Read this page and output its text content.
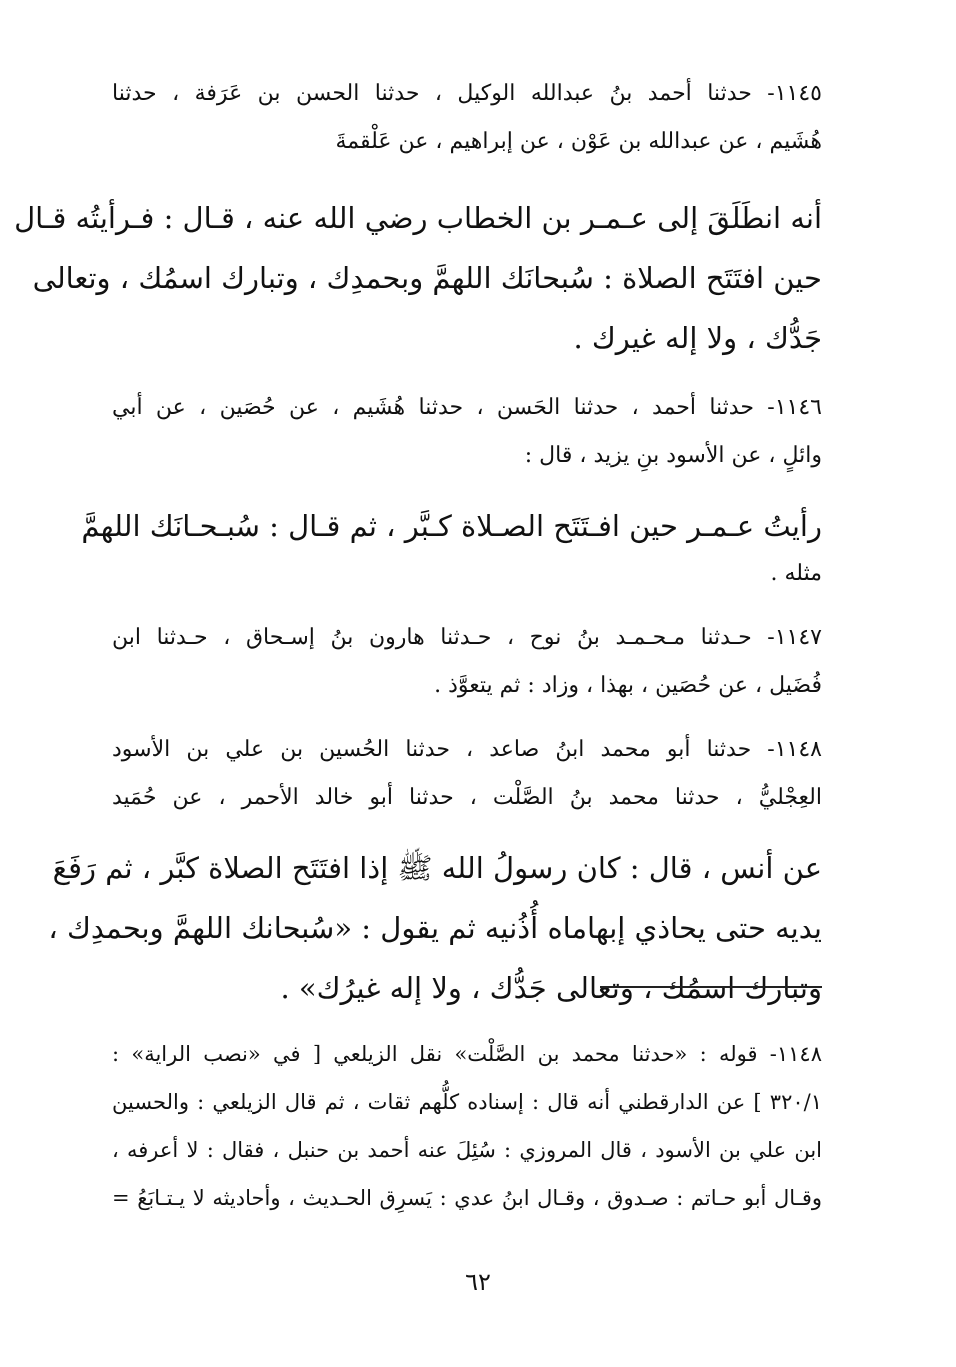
١١٤٥- حدثنا أحمد بنُ عبدالله الوكيل ، حدثنا الحسن بن عَرَفة ، حدثنا
هُشَيم ، عن عبدالله بن عَوْن ، عن إبراهيم ، عن عَلْقمةَ
أنه انطَلَقَ إلى عـمـر بن الخطاب رضي الله عنه ، قـال : فـرأيتُه قـال
حين افتَتَح الصلاة : سُبحانَك اللهمَّ وبحمدِك ، وتبارك اسمُك ، وتعالى
جَدُّك ، ولا إله غيرك .
١١٤٦- حدثنا أحمد ، حدثنا الحَسن ، حدثنا هُشَيم ، عن حُصَين ، عن أبي
وائلٍ ، عن الأسود بنِ يزيد ، قال :
رأيتُ عـمـر حين افـتَتَح الصـلاة كـبَّر ، ثم قـال : سُبـحـانَك اللهمَّ
مثله .
١١٤٧- حـدثنا مـحـمـد بنُ نوح ، حـدثنا هارون بنُ إسـحاق ، حـدثنا ابن
فُضَيل ، عن حُصَين ، بهذا ، وزاد : ثم يتعوَّذ .
١١٤٨- حدثنا أبو محمد ابنُ صاعد ، حدثنا الحُسين بن علي بن الأسود
العِجْليُّ ، حدثنا محمد بنُ الصَّلْت ، حدثنا أبو خالد الأحمر ، عن حُمَيد
عن أنس ، قال : كان رسولُ الله ﷺ إذا افتَتَح الصلاة كبَّر ، ثم رَفَعَ
يديه حتى يحاذي إبهاماه أُذُنيه ثم يقول : «سُبحانك اللهمَّ وبحمدِك ،
وتبارك اسمُك ، وتعالى جَدُّك ، ولا إله غيرُك» .
١١٤٨- قوله : «حدثنا محمد بن الصَّلْت» نقل الزيلعي [ في «نصب الراية» :
٣٢٠/١ ] عن الدارقطني أنه قال : إسناده كلُّهم ثقات ، ثم قال الزيلعي : والحسين
ابن علي بن الأسود ، قال المروزي : سُئِلَ عنه أحمد بن حنبل ، فقال : لا أعرفه ،
وقـال أبو حـاتم : صـدوق ، وقـال ابنُ عدي : يَسرِق الحـديث ، وأحاديثه لا يـتـابَعُ =
٦٢
